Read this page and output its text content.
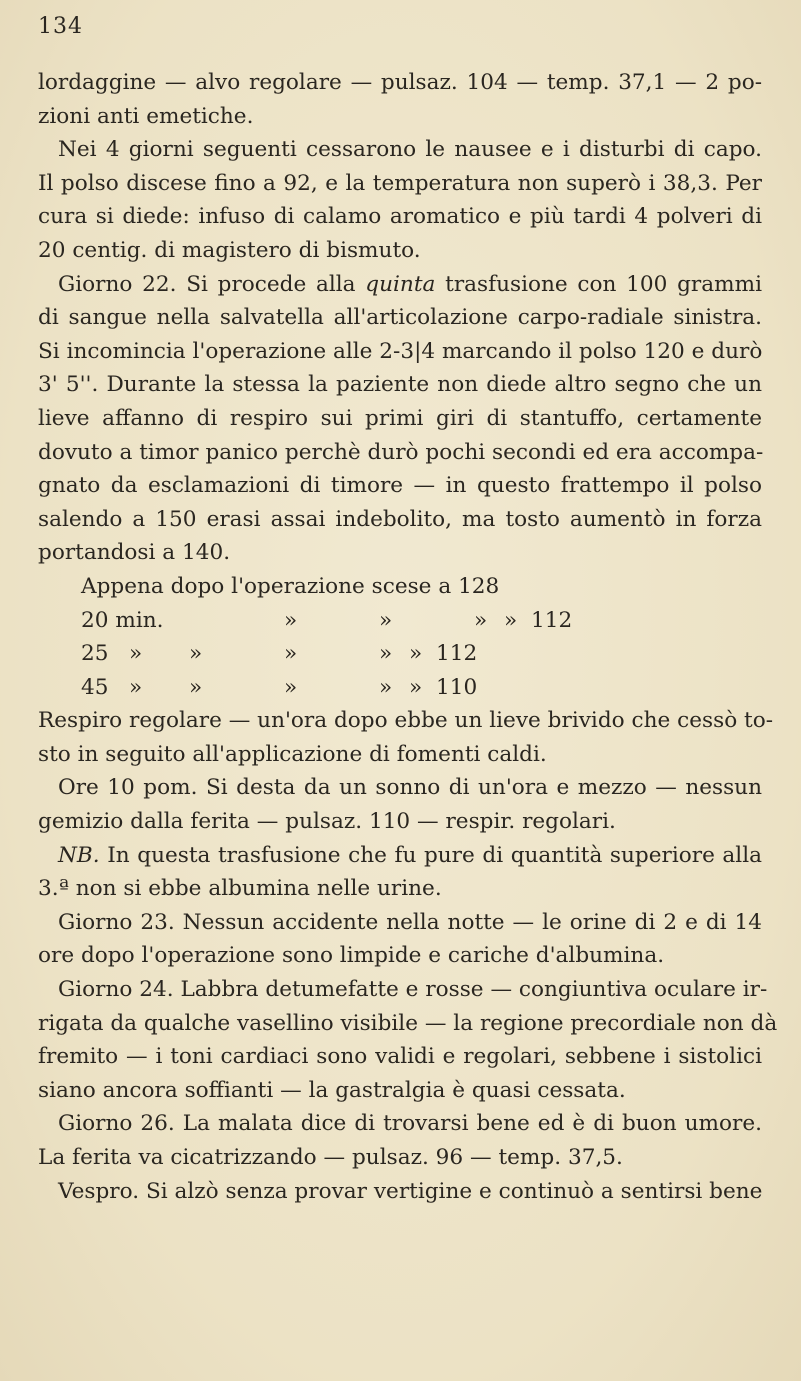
134
lordaggine — alvo regolare — pulsaz. 104 — temp. 37,1 — 2 po-
zioni anti emetiche.
Nei 4 giorni seguenti cessarono le nausee e i disturbi di capo.
Il polso discese fino a 92, e la temperatura non superò i 38,3. Per
cura si diede: infuso di calamo aromatico e più tardi 4 polveri di
20 centig. di magistero di bismuto.
Giorno 22. Si procede alla quinta trasfusione con 100 grammi
di sangue nella salvatella all'articolazione carpo-radiale sinistra.
Si incomincia l'operazione alle 2-3|4 marcando il polso 120 e durò
3' 5''. Durante la stessa la paziente non diede altro segno che un
lieve affanno di respiro sui primi giri di stantuffo, certamente
dovuto a timor panico perchè durò pochi secondi ed era accompa-
gnato da esclamazioni di timore — in questo frattempo il polso
salendo a 150 erasi assai indebolito, ma tosto aumentò in forza
portandosi a 140.
Appena dopo l'operazione scese a 128
20 min.	»	»	» » 112
25 »	»	»	» » 112
45 »	»	»	» » 110
Respiro regolare — un'ora dopo ebbe un lieve brivido che cessò to-
sto in seguito all'applicazione di fomenti caldi.
Ore 10 pom. Si desta da un sonno di un'ora e mezzo — nessun
gemizio dalla ferita — pulsaz. 110 — respir. regolari.
NB. In questa trasfusione che fu pure di quantità superiore alla
3.ª non si ebbe albumina nelle urine.
Giorno 23. Nessun accidente nella notte — le orine di 2 e di 14
ore dopo l'operazione sono limpide e cariche d'albumina.
Giorno 24. Labbra detumefatte e rosse — congiuntiva oculare ir-
rigata da qualche vasellino visibile — la regione precordiale non dà
fremito — i toni cardiaci sono validi e regolari, sebbene i sistolici
siano ancora soffianti — la gastralgia è quasi cessata.
Giorno 26. La malata dice di trovarsi bene ed è di buon umore.
La ferita va cicatrizzando — pulsaz. 96 — temp. 37,5.
Vespro. Si alzò senza provar vertigine e continuò a sentirsi bene
